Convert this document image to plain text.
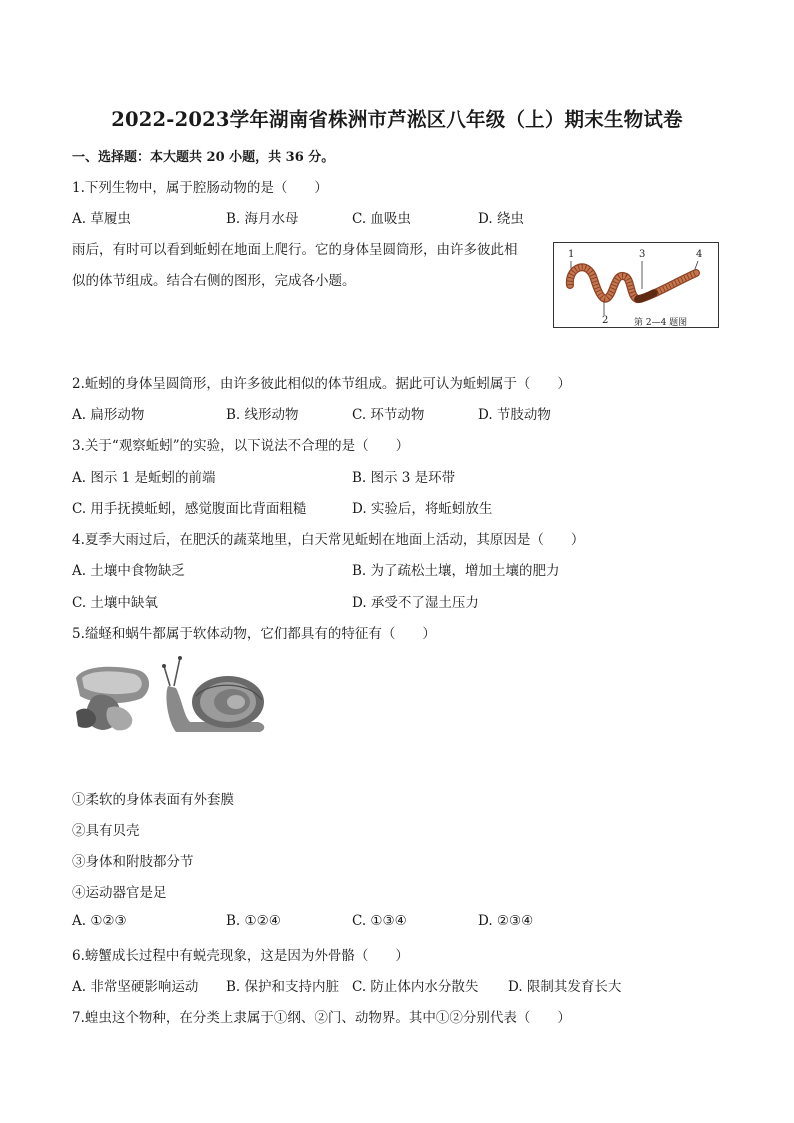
2022-2023学年湖南省株洲市芦淞区八年级（上）期末生物试卷
一、选择题：本大题共 20 小题，共 36 分。
1.下列生物中，属于腔肠动物的是（　　）
A. 草履虫	B. 海月水母	C. 血吸虫	D. 绕虫
雨后，有时可以看到蚯蚓在地面上爬行。它的身体呈圆筒形，由许多彼此相
似的体节组成。结合右侧的图形，完成各小题。
1
2
3	4
第 2—4 题图
2.蚯蚓的身体呈圆筒形，由许多彼此相似的体节组成。据此可认为蚯蚓属于（　　）
A. 扁形动物	B. 线形动物	C. 环节动物	D. 节肢动物
3.关于“观察蚯蚓”的实验，以下说法不合理的是（　　）
A. 图示 1 是蚯蚓的前端	B. 图示 3 是环带
C. 用手抚摸蚯蚓，感觉腹面比背面粗糙	D. 实验后，将蚯蚓放生
4.夏季大雨过后，在肥沃的蔬菜地里，白天常见蚯蚓在地面上活动，其原因是（　　）
A. 土壤中食物缺乏	B. 为了疏松土壤，增加土壤的肥力
C. 土壤中缺氧	D. 承受不了湿土压力
5.缢蛏和蜗牛都属于软体动物，它们都具有的特征有（　　）
①柔软的身体表面有外套膜
②具有贝壳
③身体和附肢都分节
④运动器官是足
A. ①②③	B. ①②④	C. ①③④	D. ②③④
6.螃蟹成长过程中有蜕壳现象，这是因为外骨骼（　　）
A. 非常坚硬影响运动 B. 保护和支持内脏 C. 防止体内水分散失 D. 限制其发育长大
7.蝗虫这个物种，在分类上隶属于①纲、②门、动物界。其中①②分别代表（　　）
